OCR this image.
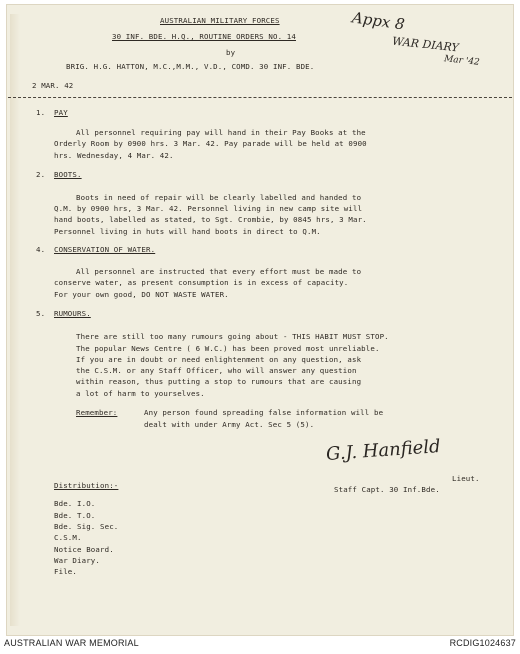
AUSTRALIAN MILITARY FORCES
30 INF. BDE. H.Q., ROUTINE ORDERS NO. 14
by
BRIG. H.G. HATTON, M.C.,M.M., V.D., COMD. 30 INF. BDE.
2 MAR. 42
Appx 8
WAR DIARY
Mar '42
1. PAY
All personnel requiring pay will hand in their Pay Books at the
Orderly Room by 0900 hrs. 3 Mar. 42. Pay parade will be held at 0900
hrs. Wednesday, 4 Mar. 42.
2. BOOTS.
Boots in need of repair will be clearly labelled and handed to
Q.M. by 0900 hrs, 3 Mar. 42. Personnel living in new camp site will
hand boots, labelled as stated, to Sgt. Crombie, by 0845 hrs, 3 Mar.
Personnel living in huts will hand boots in direct to Q.M.
4. CONSERVATION OF WATER.
All personnel are instructed that every effort must be made to
conserve water, as present consumption is in excess of capacity.
For your own good, DO NOT WASTE WATER.
5. RUMOURS.
There are still too many rumours going about - THIS HABIT MUST STOP.
The popular News Centre ( 6 W.C.) has been proved most unreliable.
If you are in doubt or need enlightenment on any question, ask
the C.S.M. or any Staff Officer, who will answer any question
within reason, thus putting a stop to rumours that are causing
a lot of harm to yourselves.
Remember:	Any person found spreading false information will be
dealt with under Army Act. Sec 5 (5).
G.J. Hanfield
Lieut.
Staff Capt. 30 Inf.Bde.
Distribution:-
Bde. I.O.
Bde. T.O.
Bde. Sig. Sec.
C.S.M.
Notice Board.
War Diary.
File.
AUSTRALIAN WAR MEMORIAL	RCDIG1024637
